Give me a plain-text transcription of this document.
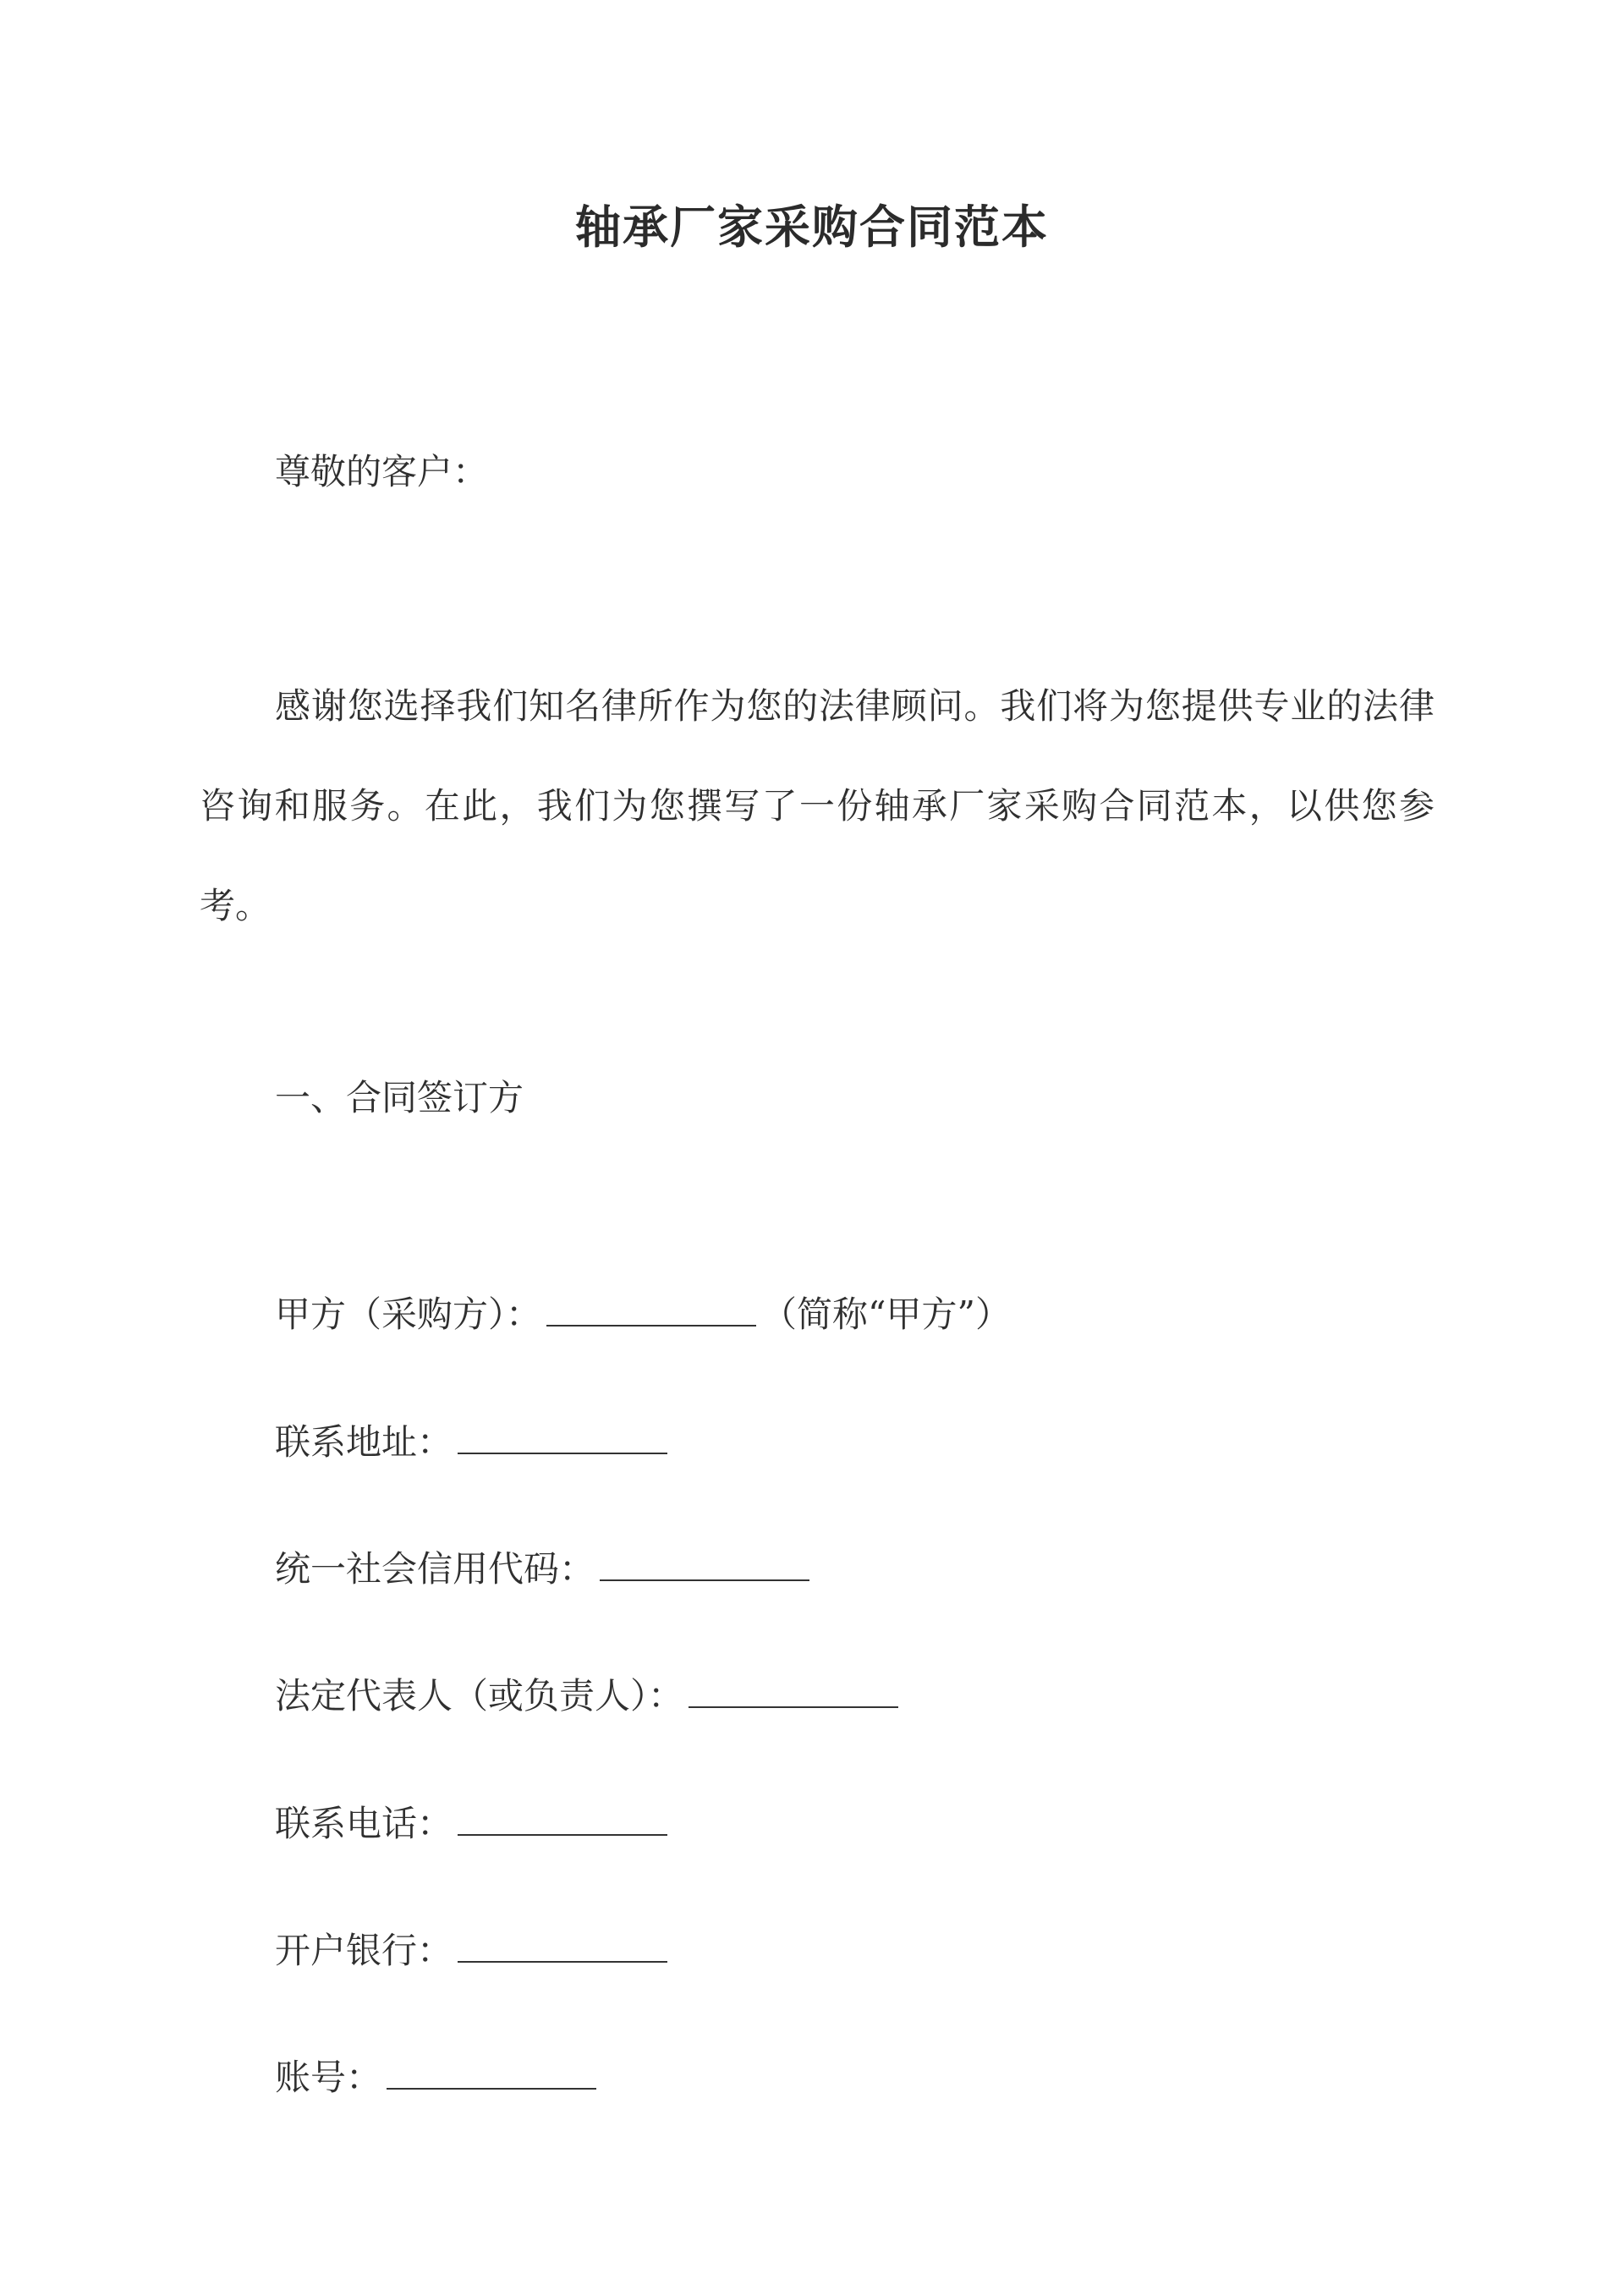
轴承厂家采购合同范本

尊敬的客户：

感谢您选择我们知名律所作为您的法律顾问。我们将为您提供专业的法律咨询和服务。在此，我们为您撰写了一份轴承厂家采购合同范本，以供您参考。

一、合同签订方

甲方（采购方）：	（简称“甲方”）

联系地址：

统一社会信用代码：

法定代表人（或负责人）：

联系电话：

开户银行：

账号：
